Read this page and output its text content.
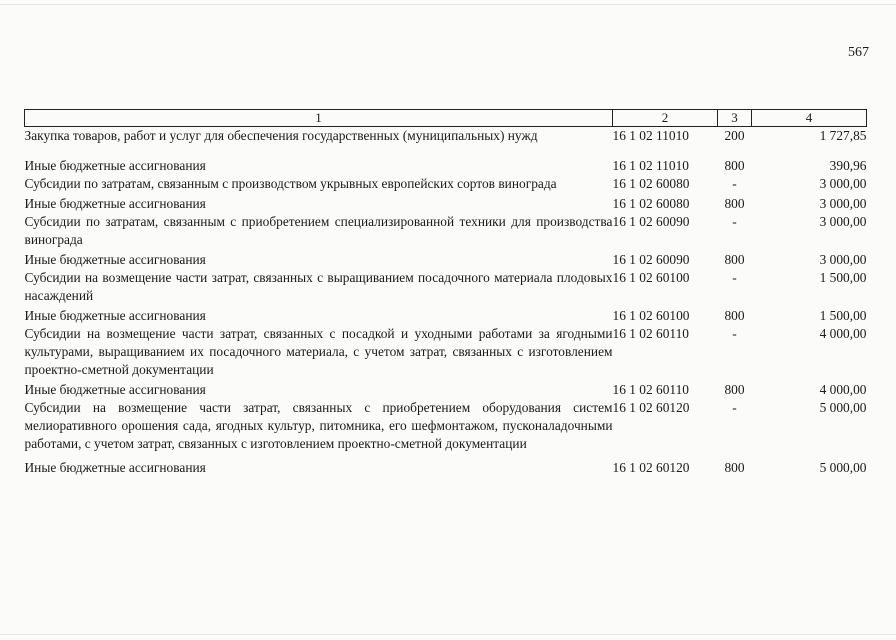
567
1	2	3	4
Закупка товаров, работ и услуг для обеспечения государственных (муниципальных) нужд	16 1 02 11010	200	1 727,85
Иные бюджетные ассигнования	16 1 02 11010	800	390,96
Субсидии по затратам, связанным с производством укрывных европейских сортов винограда	16 1 02 60080	-	3 000,00
Иные бюджетные ассигнования	16 1 02 60080	800	3 000,00
Субсидии по затратам, связанным с приобретением специализированной техники для производства винограда	16 1 02 60090	-	3 000,00
Иные бюджетные ассигнования	16 1 02 60090	800	3 000,00
Субсидии на возмещение части затрат, связанных с выращиванием посадочного материала плодовых насаждений	16 1 02 60100	-	1 500,00
Иные бюджетные ассигнования	16 1 02 60100	800	1 500,00
Субсидии на возмещение части затрат, связанных с посадкой и уходными работами за ягодными культурами, выращиванием их посадочного материала, с учетом затрат, связанных с изготовлением проектно-сметной документации	16 1 02 60110	-	4 000,00
Иные бюджетные ассигнования	16 1 02 60110	800	4 000,00
Субсидии на возмещение части затрат, связанных с приобретением оборудования систем мелиоративного орошения сада, ягодных культур, питомника, его шефмонтажом, пусконаладочными работами, с учетом затрат, связанных с изготовлением проектно-сметной документации	16 1 02 60120	-	5 000,00
Иные бюджетные ассигнования	16 1 02 60120	800	5 000,00
